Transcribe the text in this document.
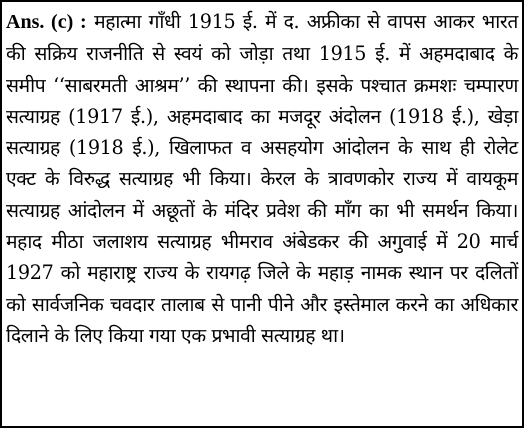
Ans. (c) : महात्मा गाँधी 1915 ई. में द. अफ्रीका से वापस आकर भारत की सक्रिय राजनीति से स्वयं को जोड़ा तथा 1915 ई. में अहमदाबाद के समीप ‘‘साबरमती आश्रम’’ की स्थापना की। इसके पश्चात क्रमशः चम्पारण सत्याग्रह (1917 ई.), अहमदाबाद का मजदूर अंदोलन (1918 ई.), खेड़ा सत्याग्रह (1918 ई.), खिलाफत व असहयोग आंदोलन के साथ ही रोलेट एक्ट के विरुद्ध सत्याग्रह भी किया। केरल के त्रावणकोर राज्य में वायकूम सत्याग्रह आंदोलन में अछूतों के मंदिर प्रवेश की माँग का भी समर्थन किया। महाद मीठा जलाशय सत्याग्रह भीमराव अंबेडकर की अगुवाई में 20 मार्च 1927 को महाराष्ट्र राज्य के रायगढ़ जिले के महाड़ नामक स्थान पर दलितों को सार्वजनिक चवदार तालाब से पानी पीने और इस्तेमाल करने का अधिकार दिलाने के लिए किया गया एक प्रभावी सत्याग्रह था।
